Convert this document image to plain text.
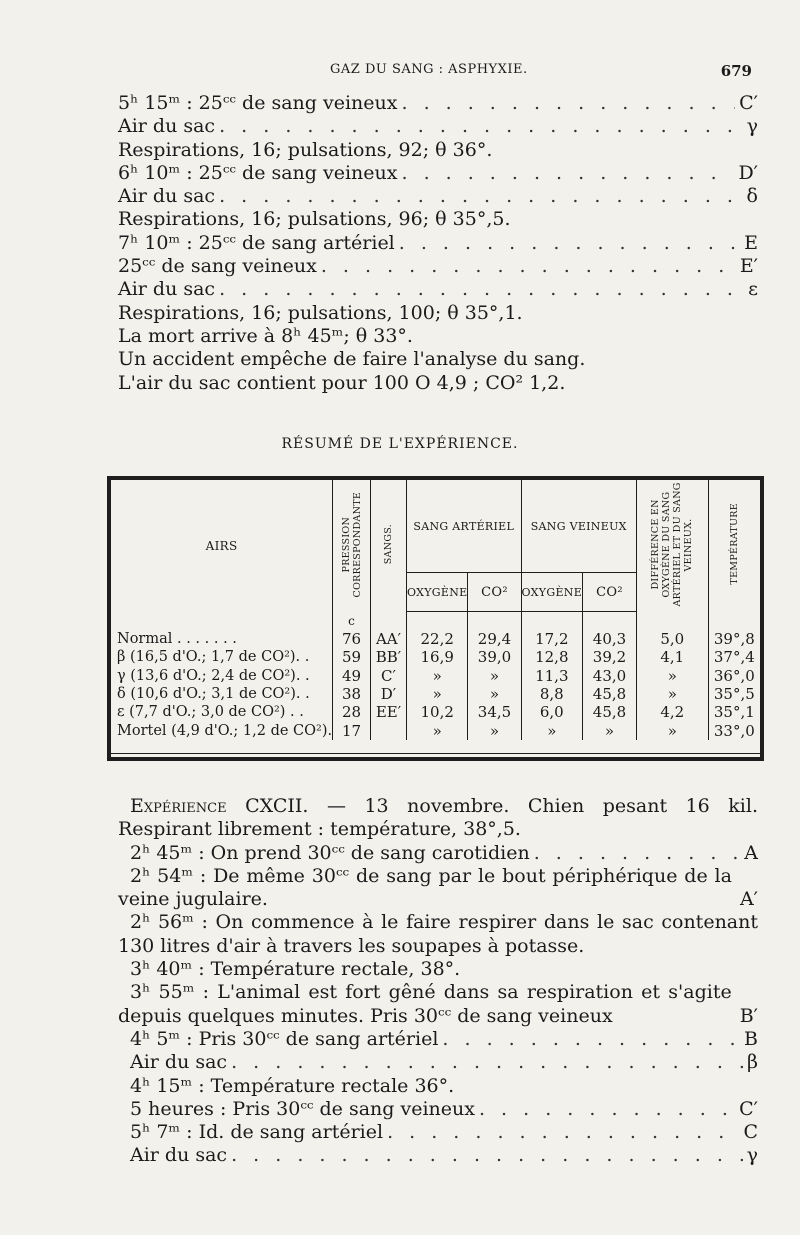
GAZ DU SANG : ASPHYXIE.	679
5ʰ 15ᵐ : 25ᶜᶜ de sang veineux . . .	C′
Air du sac . . .	γ
Respirations, 16; pulsations, 92; θ 36°.
6ʰ 10ᵐ : 25ᶜᶜ de sang veineux . . .	D′
Air du sac . . .	δ
Respirations, 16; pulsations, 96; θ 35°,5.
7ʰ 10ᵐ : 25ᶜᶜ de sang artériel . . .	E
25ᶜᶜ de sang veineux . . .	E′
Air du sac . . .	ε
Respirations, 16; pulsations, 100; θ 35°,1.
La mort arrive à 8ʰ 45ᵐ; θ 33°.
Un accident empêche de faire l'analyse du sang.
L'air du sac contient pour 100 O 4,9 ; CO² 1,2.
RÉSUMÉ DE L'EXPÉRIENCE.
AIRS	PRESSION CORRESPONDANTE	SANGS.	SANG ARTÉRIEL		SANG VEINEUX		DIFFÉRENCE EN OXYGÈNE DU SANG ARTÉRIEL ET DU SANG VEINEUX.	TEMPÉRATURE
			OXYGÈNE	CO²	OXYGÈNE	CO²		
	c							
Normal . . . . . . .	76	AA′	22,2	29,4	17,2	40,3	5,0	39°,8
β (16,5 d'O.; 1,7 de CO²). .	59	BB′	16,9	39,0	12,8	39,2	4,1	37°,4
γ (13,6 d'O.; 2,4 de CO²). .	49	C′	»	»	11,3	43,0	»	36°,0
δ (10,6 d'O.; 3,1 de CO²). .	38	D′	»	»	8,8	45,8	»	35°,5
ε (7,7 d'O.; 3,0 de CO²) . .	28	EE′	10,2	34,5	6,0	45,8	4,2	35°,1
Mortel (4,9 d'O.; 1,2 de CO²).	17		»	»	»	»	»	33°,0
Expérience CXCII. — 13 novembre. Chien pesant 16 kil. Respirant librement : température, 38°,5.
2ʰ 45ᵐ : On prend 30ᶜᶜ de sang carotidien . . .	A
2ʰ 54ᵐ : De même 30ᶜᶜ de sang par le bout périphérique de la veine jugulaire.	A′
2ʰ 56ᵐ : On commence à le faire respirer dans le sac contenant 130 litres d'air à travers les soupapes à potasse.
3ʰ 40ᵐ : Température rectale, 38°.
3ʰ 55ᵐ : L'animal est fort gêné dans sa respiration et s'agite depuis quelques minutes. Pris 30ᶜᶜ de sang veineux	B′
4ʰ 5ᵐ : Pris 30ᶜᶜ de sang artériel . . .	B
Air du sac . . .	β
4ʰ 15ᵐ : Température rectale 36°.
5 heures : Pris 30ᶜᶜ de sang veineux . . .	C′
5ʰ 7ᵐ : Id. de sang artériel . . .	C
Air du sac . . .	γ
